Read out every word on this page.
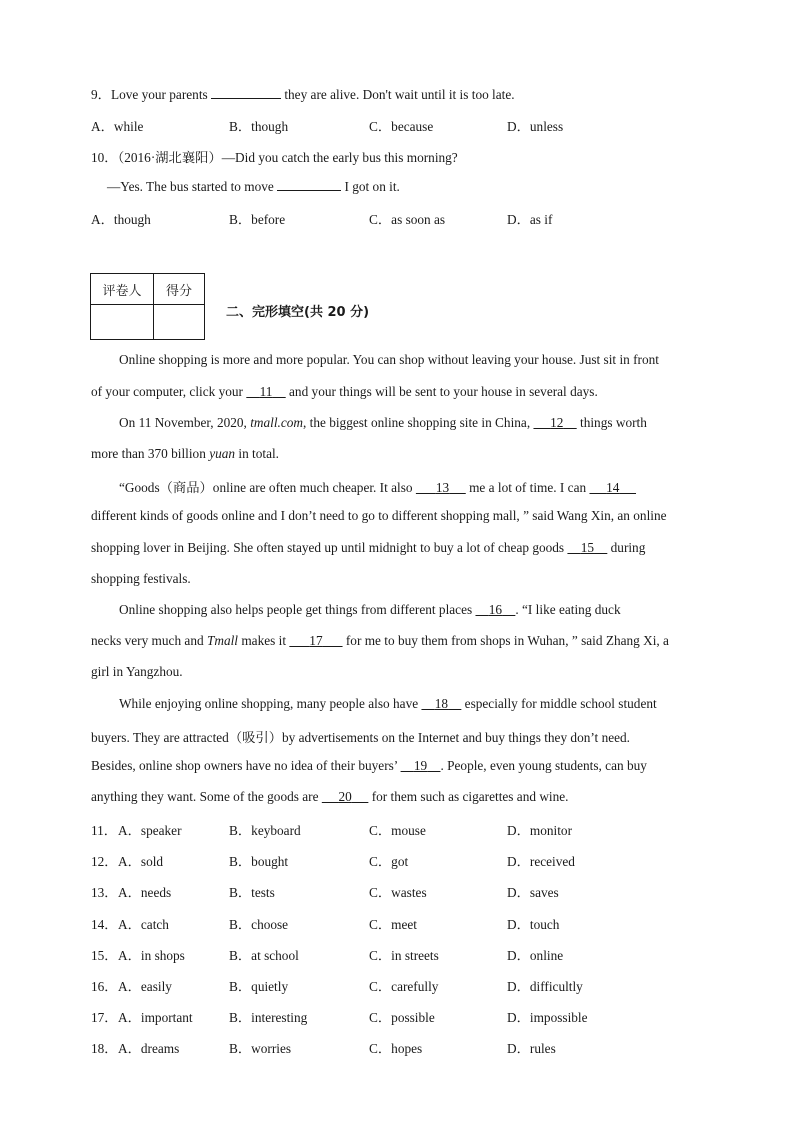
9．Love your parents	they are alive. Don't wait until it is too late.
A．while	B．though	C．because	D．unless
10．（2016·湖北襄阳）—Did you catch the early bus this morning?
—Yes. The bus started to move	I got on it.
A．though	B．before	C．as soon as	D．as if
评卷人	得分

二、完形填空(共 20 分)
Online shopping is more and more popular. You can shop without leaving your house. Just sit in front
of your computer, click your 11 and your things will be sent to your house in several days.
On 11 November, 2020, tmall.com, the biggest online shopping site in China, 12 things worth
more than 370 billion yuan in total.
“Goods（商品）online are often much cheaper. It also 13 me a lot of time. I can 14
different kinds of goods online and I don’t need to go to different shopping mall, ” said Wang Xin, an online
shopping lover in Beijing. She often stayed up until midnight to buy a lot of cheap goods 15 during
shopping festivals.
Online shopping also helps people get things from different places 16 . “I like eating duck
necks very much and Tmall makes it 17 for me to buy them from shops in Wuhan, ” said Zhang Xi, a
girl in Yangzhou.
While enjoying online shopping, many people also have 18 especially for middle school student
buyers. They are attracted（吸引）by advertisements on the Internet and buy things they don’t need.
Besides, online shop owners have no idea of their buyers’ 19 . People, even young students, can buy
anything they want. Some of the goods are 20 for them such as cigarettes and wine.
11． A．speaker	B．keyboard	C．mouse	D．monitor
12． A．sold	B．bought	C．got	D．received
13． A．needs	B．tests	C．wastes	D．saves
14． A．catch	B．choose	C．meet	D．touch
15． A．in shops	B．at school	C．in streets	D．online
16． A．easily	B．quietly	C．carefully	D．difficultly
17． A．important	B．interesting	C．possible	D．impossible
18． A．dreams	B．worries	C．hopes	D．rules
